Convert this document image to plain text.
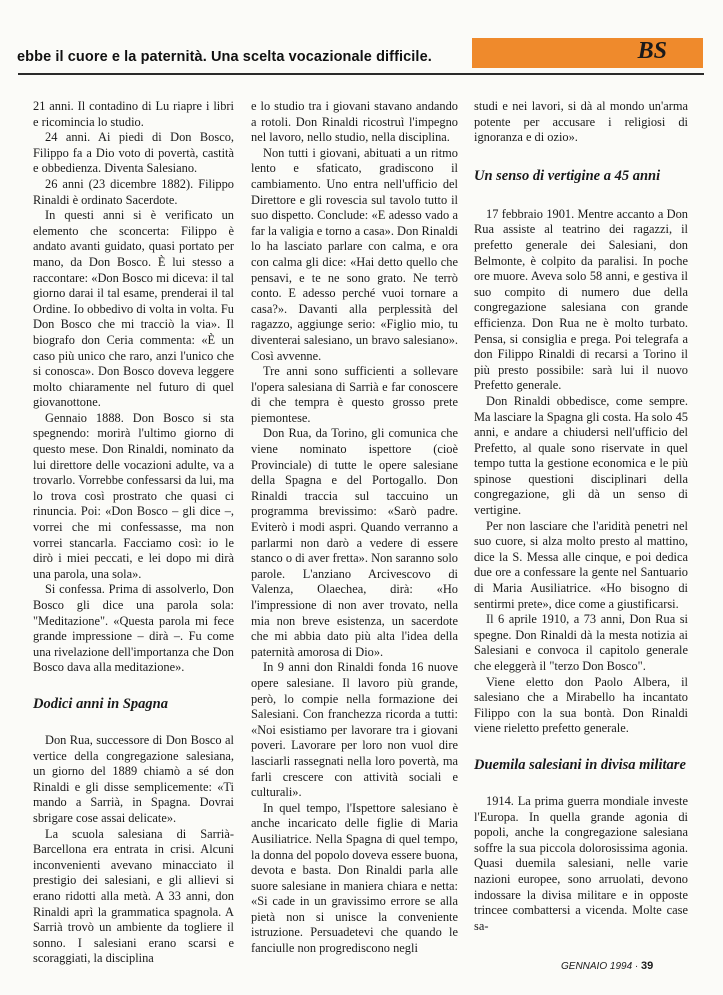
ebbe il cuore e la paternità. Una scelta vocazionale difficile.	BS

21 anni. Il contadino di Lu riapre i libri e ricomincia lo studio.

24 anni. Ai piedi di Don Bosco, Filippo fa a Dio voto di povertà, castità e obbedienza. Diventa Salesiano.

26 anni (23 dicembre 1882). Filippo Rinaldi è ordinato Sacerdote.

In questi anni si è verificato un elemento che sconcerta: Filippo è andato avanti guidato, quasi portato per mano, da Don Bosco. È lui stesso a raccontare: «Don Bosco mi diceva: il tal giorno darai il tal esame, prenderai il tal Ordine. Io obbedivo di volta in volta. Fu Don Bosco che mi tracciò la via». Il biografo don Ceria commenta: «È un caso più unico che raro, anzi l'unico che si conosca». Don Bosco doveva leggere molto chiaramente nel futuro di quel giovanottone.

Gennaio 1888. Don Bosco si sta spegnendo: morirà l'ultimo giorno di questo mese. Don Rinaldi, nominato da lui direttore delle vocazioni adulte, va a trovarlo. Vorrebbe confessarsi da lui, ma lo trova così prostrato che quasi ci rinuncia. Poi: «Don Bosco – gli dice –, vorrei che mi confessasse, ma non vorrei stancarla. Facciamo così: io le dirò i miei peccati, e lei dopo mi dirà una parola, una sola».

Si confessa. Prima di assolverlo, Don Bosco gli dice una parola sola: "Meditazione". «Questa parola mi fece grande impressione – dirà –. Fu come una rivelazione dell'importanza che Don Bosco dava alla meditazione».

Dodici anni in Spagna

Don Rua, successore di Don Bosco al vertice della congregazione salesiana, un giorno del 1889 chiamò a sé don Rinaldi e gli disse semplicemente: «Ti mando a Sarrià, in Spagna. Dovrai sbrigare cose assai delicate».

La scuola salesiana di Sarrià-Barcellona era entrata in crisi. Alcuni inconvenienti avevano minacciato il prestigio dei salesiani, e gli allievi si erano ridotti alla metà. A 33 anni, don Rinaldi aprì la grammatica spagnola. A Sarrià trovò un ambiente da togliere il sonno. I salesiani erano scarsi e scoraggiati, la disciplina

e lo studio tra i giovani stavano andando a rotoli. Don Rinaldi ricostruì l'impegno nel lavoro, nello studio, nella disciplina.

Non tutti i giovani, abituati a un ritmo lento e sfaticato, gradiscono il cambiamento. Uno entra nell'ufficio del Direttore e gli rovescia sul tavolo tutto il suo dispetto. Conclude: «E adesso vado a far la valigia e torno a casa». Don Rinaldi lo ha lasciato parlare con calma, e ora con calma gli dice: «Hai detto quello che pensavi, e te ne sono grato. Ne terrò conto. E adesso perché vuoi tornare a casa?». Davanti alla perplessità del ragazzo, aggiunge serio: «Figlio mio, tu diventerai salesiano, un bravo salesiano». Così avvenne.

Tre anni sono sufficienti a sollevare l'opera salesiana di Sarrià e far conoscere di che tempra è questo grosso prete piemontese.

Don Rua, da Torino, gli comunica che viene nominato ispettore (cioè Provinciale) di tutte le opere salesiane della Spagna e del Portogallo. Don Rinaldi traccia sul taccuino un programma brevissimo: «Sarò padre. Eviterò i modi aspri. Quando verranno a parlarmi non darò a vedere di essere stanco o di aver fretta». Non saranno solo parole. L'anziano Arcivescovo di Valenza, Olaechea, dirà: «Ho l'impressione di non aver trovato, nella mia non breve esistenza, un sacerdote che mi abbia dato più alta l'idea della paternità amorosa di Dio».

In 9 anni don Rinaldi fonda 16 nuove opere salesiane. Il lavoro più grande, però, lo compie nella formazione dei Salesiani. Con franchezza ricorda a tutti: «Noi esistiamo per lavorare tra i giovani poveri. Lavorare per loro non vuol dire lasciarli rassegnati nella loro povertà, ma farli crescere con attività sociali e culturali».

In quel tempo, l'Ispettore salesiano è anche incaricato delle figlie di Maria Ausiliatrice. Nella Spagna di quel tempo, la donna del popolo doveva essere buona, devota e basta. Don Rinaldi parla alle suore salesiane in maniera chiara e netta: «Si cade in un gravissimo errore se alla pietà non si unisce la conveniente istruzione. Persuadetevi che quando le fanciulle non progrediscono negli

studi e nei lavori, si dà al mondo un'arma potente per accusare i religiosi di ignoranza e di ozio».

Un senso di vertigine a 45 anni

17 febbraio 1901. Mentre accanto a Don Rua assiste al teatrino dei ragazzi, il prefetto generale dei Salesiani, don Belmonte, è colpito da paralisi. In poche ore muore. Aveva solo 58 anni, e gestiva il suo compito di numero due della congregazione salesiana con grande efficienza. Don Rua ne è molto turbato. Pensa, si consiglia e prega. Poi telegrafa a don Filippo Rinaldi di recarsi a Torino il più presto possibile: sarà lui il nuovo Prefetto generale.

Don Rinaldi obbedisce, come sempre. Ma lasciare la Spagna gli costa. Ha solo 45 anni, e andare a chiudersi nell'ufficio del Prefetto, al quale sono riservate in quel tempo tutta la gestione economica e le più spinose questioni disciplinari della congregazione, gli dà un senso di vertigine.

Per non lasciare che l'aridità penetri nel suo cuore, si alza molto presto al mattino, dice la S. Messa alle cinque, e poi dedica due ore a confessare la gente nel Santuario di Maria Ausiliatrice. «Ho bisogno di sentirmi prete», dice come a giustificarsi.

Il 6 aprile 1910, a 73 anni, Don Rua si spegne. Don Rinaldi dà la mesta notizia ai Salesiani e convoca il capitolo generale che eleggerà il "terzo Don Bosco".

Viene eletto don Paolo Albera, il salesiano che a Mirabello ha incantato Filippo con la sua bontà. Don Rinaldi viene rieletto prefetto generale.

Duemila salesiani in divisa militare

1914. La prima guerra mondiale investe l'Europa. In quella grande agonia di popoli, anche la congregazione salesiana soffre la sua piccola dolorosissima agonia. Quasi duemila salesiani, nelle varie nazioni europee, sono arruolati, devono indossare la divisa militare e in opposte trincee combattersi a vicenda. Molte case sa-

GENNAIO 1994 · 39
